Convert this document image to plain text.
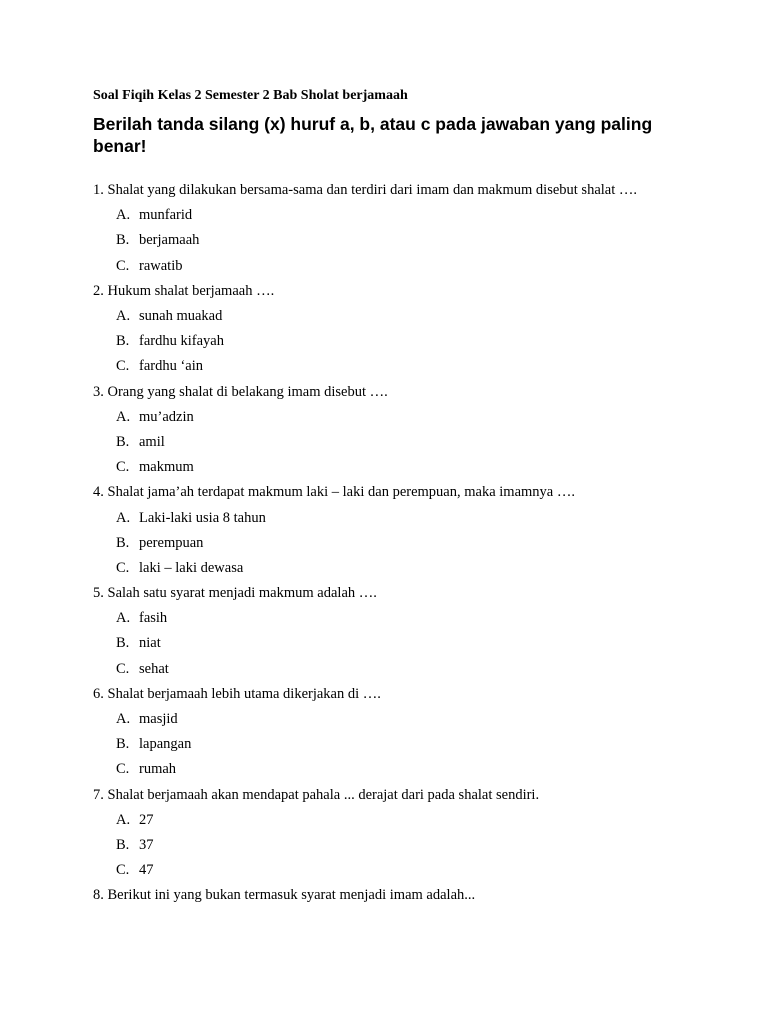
Soal Fiqih Kelas 2 Semester 2 Bab Sholat berjamaah

Berilah tanda silang (x) huruf a, b, atau c pada jawaban yang paling benar!

1. Shalat yang dilakukan bersama-sama dan terdiri dari imam dan makmum disebut shalat ….

A. munfarid
B. berjamaah
C. rawatib

2. Hukum shalat berjamaah ….

A. sunah muakad
B. fardhu kifayah
C. fardhu ‘ain

3. Orang yang shalat di belakang imam disebut ….

A. mu’adzin
B. amil
C. makmum

4. Shalat jama’ah terdapat makmum laki – laki dan perempuan, maka imamnya ….

A. Laki-laki usia 8 tahun
B. perempuan
C. laki – laki dewasa

5. Salah satu syarat menjadi makmum adalah ….

A. fasih
B. niat
C. sehat

6. Shalat berjamaah lebih utama dikerjakan di ….

A. masjid
B. lapangan
C. rumah

7. Shalat berjamaah akan mendapat pahala ... derajat dari pada shalat sendiri.

A. 27
B. 37
C. 47

8. Berikut ini yang bukan termasuk syarat menjadi imam adalah...
